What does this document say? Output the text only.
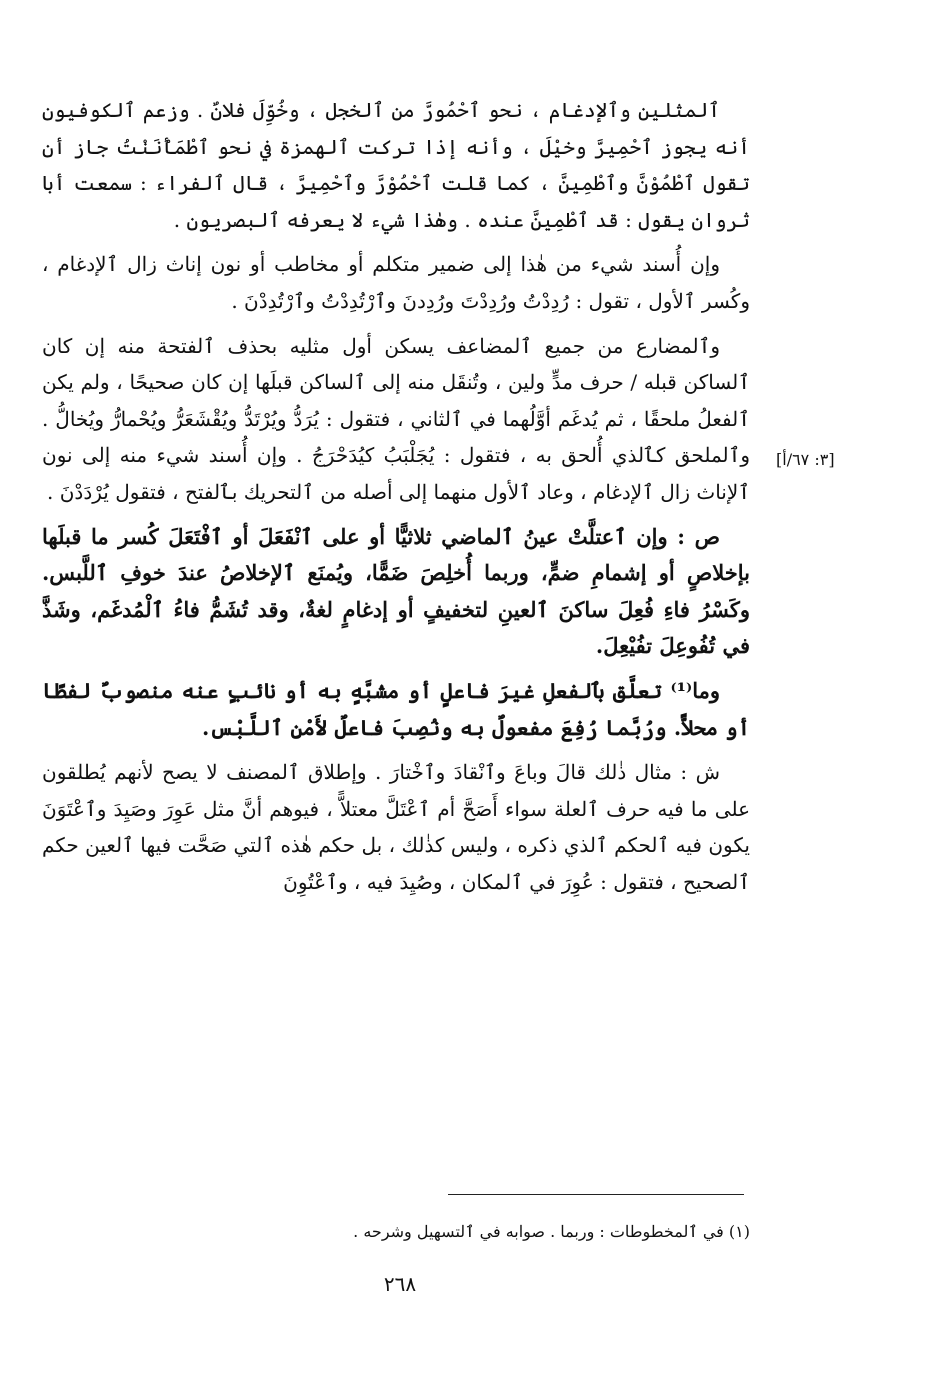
ٱلمثلين وٱلإدغام ، نحو ٱحْمُورَّ من ٱلخجل ، وخُوِّلَ فلانٌ . وزعم ٱلكوفيون أنه يجوز ٱحْمِيرَّ وخيْلَ ، وأنه إذا تركت ٱلهمزة في نحو ٱطْمَأْنَنْتُ جاز أن تقول ٱطْمُوْنَّ وٱطْمِينَّ ، كما قلت ٱحْمُوْرَّ وٱحْمِيرَّ ، قال ٱلفراء : سمعت أبا ثروان يقول : قد ٱطْمِينَّ عنده . وهٰذا شيء لا يعرفه ٱلبصريون .

وإن أُسند شيء من هٰذا إلى ضمير متكلم أو مخاطب أو نون إناث زال ٱلإدغام ، وكُسر ٱلأول ، تقول : رُدِدْتُ ورُدِدْتَ ورُدِدنَ وٱرْتُدِدْتُ وٱرْتُدِدْنَ .

وٱلمضارع من جميع ٱلمضاعف يسكن أول مثليه بحذف ٱلفتحة منه إن كان ٱلساكن قبله / حرف مدٍّ ولين ، وتُنقَل منه إلى ٱلساكن قبلَها إن كان صحيحًا ، ولم يكن ٱلفعلُ ملحقًا ، ثم يُدغَم أوَّلُهما في ٱلثاني ، فتقول : يُرَدُّ ويُرْتَدُّ ويُقْشَعَرُّ ويُحْمارُّ ويُخالُّ . وٱلملحق كٱلذي أُلحق به ، فتقول : يُجَلْبَبُ كيُدَحْرَجُ . وإن أُسند شيء منه إلى نون ٱلإناث زال ٱلإدغام ، وعاد ٱلأول منهما إلى أصله من ٱلتحريك بٱلفتح ، فتقول يُرْدَدْنَ .

ص : وإن ٱعتلَّتْ عينُ ٱلماضي ثلاثيًّا أو على ٱنْفَعَلَ أو ٱفْتَعَلَ كُسر ما قبلَها بإخلاصٍ أو إشمامِ ضمٍّ، وربما أُخلِصَ ضَمًّا، ويُمنَع ٱلإخلاصُ عندَ خوفِ ٱللَّبس. وكَسْرُ فاءِ فُعِلَ ساكنَ ٱلعينِ لتخفيفٍ أو إدغامٍ لغةٌ، وقد تُشَمُّ فاءُ ٱلْمُدغَم، وشَذَّ في تُفُوعِلَ تفُيْعِلَ.

وما⁽¹⁾ تعلَّق بٱلفعلِ غيرَ فاعلٍ أو مشبَّهٍ به أو نائبٍ عنه منصوبٌ لفظًا أو محلاًّ. ورُبَّما رُفِعَ مفعولٌ به ونُصِبَ فاعلٌ لأَمْنِ ٱللَّبْس.

ش : مثال ذٰلك قالَ وباعَ وٱنْقادَ وٱخْتارَ . وإطلاق ٱلمصنف لا يصح لأنهم يُطلقون على ما فيه حرف ٱلعلة سواء أَصَحَّ أم ٱعْتَلَّ معتلاًّ ، فيوهم أنَّ مثل عَوِرَ وصَيِدَ وٱعْتَوَنَ يكون فيه ٱلحكم ٱلذي ذكره ، وليس كذٰلك ، بل حكم هٰذه ٱلتي صَحَّت فيها ٱلعين حكم ٱلصحيح ، فتقول : عُوِرَ في ٱلمكان ، وصُيِدَ فيه ، وٱعْتُوِنَ

[٣: ٦٧/أ]
(١) في ٱلمخطوطات : وربما . صوابه في ٱلتسهيل وشرحه .
٢٦٨
